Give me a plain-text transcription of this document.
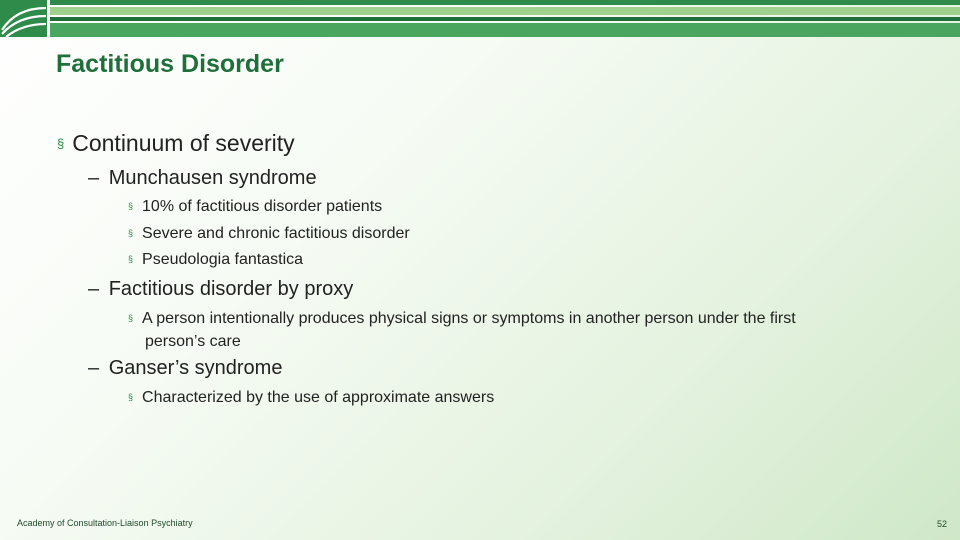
Factitious Disorder
§ Continuum of severity
– Munchausen syndrome
§ 10% of factitious disorder patients
§ Severe and chronic factitious disorder
§ Pseudologia fantastica
– Factitious disorder by proxy
§ A person intentionally produces physical signs or symptoms in another person under the first
person’s care
– Ganser’s syndrome
§ Characterized by the use of approximate answers
Academy of Consultation-Liaison Psychiatry	52
